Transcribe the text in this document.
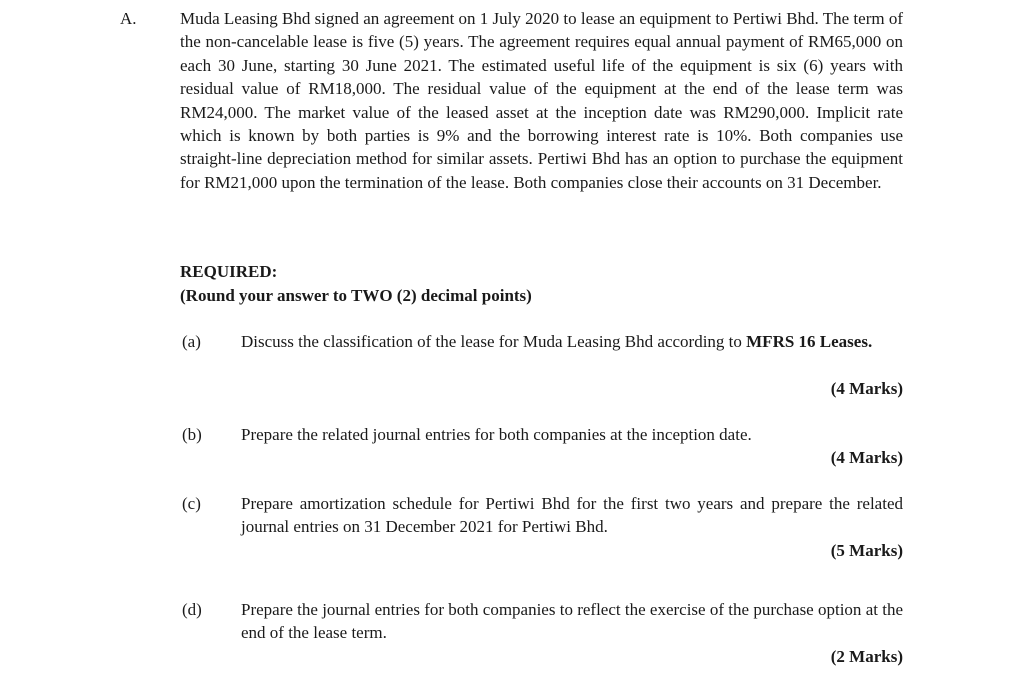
A.	Muda Leasing Bhd signed an agreement on 1 July 2020 to lease an equipment to Pertiwi Bhd. The term of the non-cancelable lease is five (5) years. The agreement requires equal annual payment of RM65,000 on each 30 June, starting 30 June 2021. The estimated useful life of the equipment is six (6) years with residual value of RM18,000. The residual value of the equipment at the end of the lease term was RM24,000. The market value of the leased asset at the inception date was RM290,000. Implicit rate which is known by both parties is 9% and the borrowing interest rate is 10%. Both companies use straight-line depreciation method for similar assets. Pertiwi Bhd has an option to purchase the equipment for RM21,000 upon the termination of the lease. Both companies close their accounts on 31 December.
REQUIRED:
(Round your answer to TWO (2) decimal points)
(a) Discuss the classification of the lease for Muda Leasing Bhd according to MFRS 16 Leases.
(4 Marks)
(b) Prepare the related journal entries for both companies at the inception date.
(4 Marks)
(c) Prepare amortization schedule for Pertiwi Bhd for the first two years and prepare the related journal entries on 31 December 2021 for Pertiwi Bhd.
(5 Marks)
(d) Prepare the journal entries for both companies to reflect the exercise of the purchase option at the end of the lease term.
(2 Marks)
